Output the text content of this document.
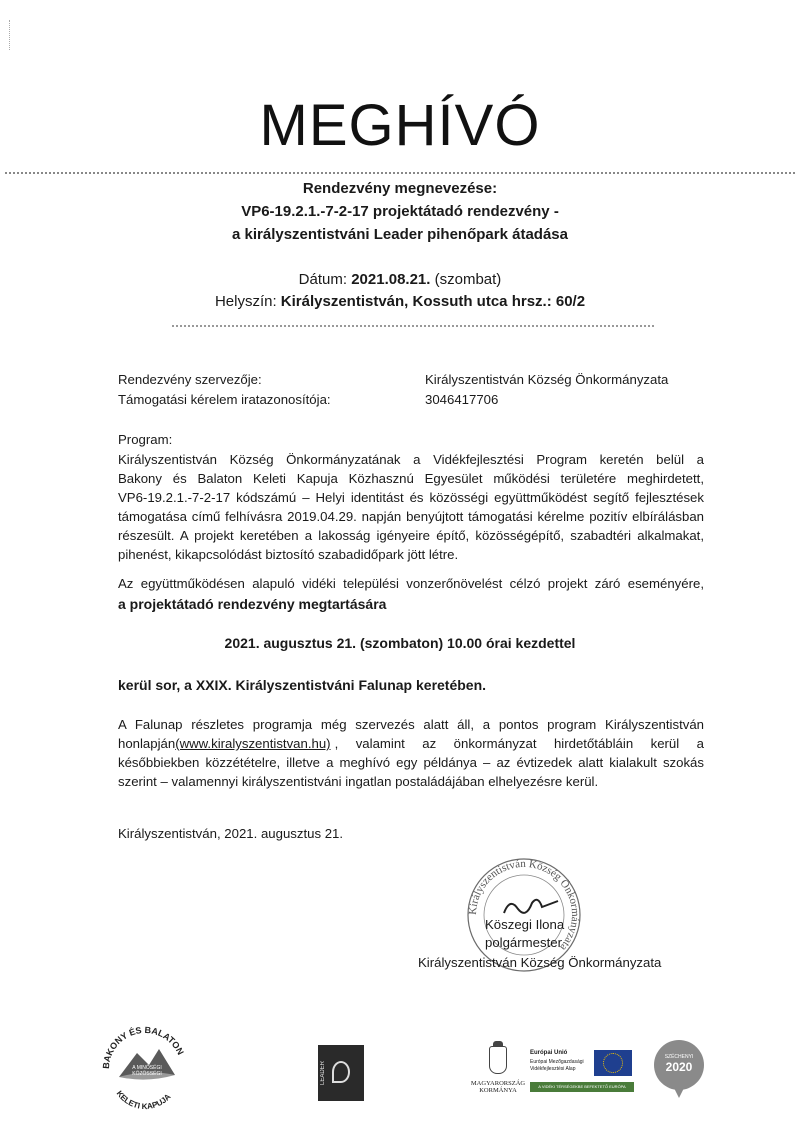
MEGHÍVÓ
Rendezvény megnevezése:
VP6-19.2.1.-7-2-17 projektátadó rendezvény -
a királyszentistváni Leader pihenőpark átadása
Dátum: 2021.08.21. (szombat)
Helyszín: Királyszentistván, Kossuth utca hrsz.: 60/2
Rendezvény szervezője:	Királyszentistván Község Önkormányzata
Támogatási kérelem iratazonosítója:	3046417706
Program:
Királyszentistván Község Önkormányzatának a Vidékfejlesztési Program keretén belül a
Bakony és Balaton Keleti Kapuja Közhasznú Egyesület működési területére meghirdetett,
VP6-19.2.1.-7-2-17 kódszámú – Helyi identitást és közösségi együttműködést segítő fejlesztések
támogatása című felhívásra 2019.04.29. napján benyújtott támogatási kérelme pozitív elbírálásban
részesült. A projekt keretében a lakosság igényeire építő, közösségépítő, szabadtéri alkalmakat,
pihenést, kikapcsolódást biztosító szabadidőpark jött létre.
Az együttműködésen alapuló vidéki települési vonzerőnövelést célzó projekt záró eseményére,
a projektátadó rendezvény megtartására
2021. augusztus 21. (szombaton) 10.00 órai kezdettel
kerül sor, a XXIX. Királyszentistváni Falunap keretében.
A Falunap részletes programja még szervezés alatt áll, a pontos program Királyszentistván
honlapján (www.kiralyszentistvan.hu) , valamint az önkormányzat hirdetőtábláin kerül a
későbbiekben közzétételre, illetve a meghívó egy példánya – az évtizedek alatt kialakult szokás
szerint – valamennyi királyszentistváni ingatlan postaládájában elhelyezésre kerül.
Királyszentistván, 2021. augusztus 21.
Királyszentistván Község Önkormányzata
Köszegi Ilona
polgármester
Királyszentistván Község Önkormányzata
BAKONY ÉS BALATON
A MINŐSÉGI
KÖZÖSSÉGI
KELETI KAPUJA
LEADER	MAGYARORSZÁG
KORMÁNYA
Európai Unió
Európai Mezőgazdasági
Vidékfejlesztési Alap
A VIDÉKI TÉRSÉGEKBE BEFEKTETŐ EURÓPA
SZÉCHENYI
2020
